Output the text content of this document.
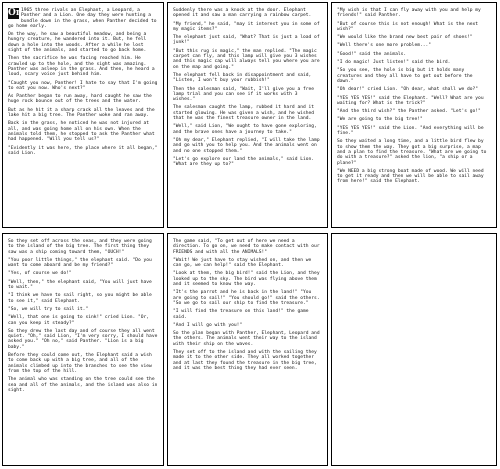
On

1965 three rivals an Elephant, a Leopard, a Panther and a Lion. One day they were hunting a bundle down in the grass, when Panther decided to go home early.

On the way, he saw a beautiful meadow, and being a hungry creature, he wandered into it. But, he fell down a hole into the woods. After a while he lost sight of the animals, and started to go back home.

Then the sacrifice he was facing reached him. He crawled up to the hole, and the sight was amazing. Panther was asleep in the grass. And then, he heard a loud, scary voice just behind him.

"Caught you now, Panther! I hate to say that I'm going to eat you now. Who's next?"

As Panther began to run away, hard caught he saw the huge rock bounce out of the trees and the water.

But as he hit it a sharp crack all the leaves and the lake hit a big tree. The Panther woke and ran away.

Back in the grass, he noticed he was not injured at all, and was going home all on his own. When the animals told them, he stopped to ask the Panther what had happened. "Will you tell us?"

"Evidently it was here, the place where it all began," said Lion.

Suddenly there was a knock at the door. Elephant opened it and saw a man carrying a rainbow carpet.

"My friend," he said, "may it interest you in some of my magic items?"

The elephant just said, "What? That is just a load of junk!"

"But this rug is magic," the man replied. "The magic carpet can fly, and this lamp will give you 3 wishes and this magic cap will always tell you where you are on the map and going."

The elephant fell back in disappointment and said, "Listen, I won't buy your rubbish!"

Then the salesman said, "Wait, I'll give you a free lamp trial and you can see if it works with 3 wishes."

The salesman caught the lamp, rubbed it hard and it started glowing. He was given a wish, and he wished that he was the finest treasure owner in the land.

"Well," said Lion, "We ought to have gone exploring, and the brave ones have a journey to take."

"Oh my dear," Elephant replied, "I will take the lamp and go with you to help you. And the animals went on and no one stopped them."

"Let's go explore our land the animals," said Lion. "What are they up to?"

"My wish is that I can fly away with you and help my friends!" said Panther.

"But of course this is not enough! What is the next wish?"

"We would like the brand new best pair of shoes!"

"Well there's one more problem..."

"Good!" said the animals.

"I do magic! Just listen!" said the bird.

"So you see, the hole is big but it holds many creatures and they all have to get out before the dawn."

"Oh dear!" cried Lion. "Oh dear, what shall we do?"

"YES YES YES!" said the Elephant. "Well? What are you waiting for? What is the trick?"

"And the third wish?" the Panther asked. "Let's go!"

"We are going to the big tree!"

"YES YES YES!" said the Lion. "And everything will be fine."

So they waited a long time, and a little bird flew by to show them the way. They got a big surprise, a map and a plan to find the treasure. "What are we going to do with a treasure?" asked the lion, "a ship or a plane?"

"We NEED a big strong boat made of wood. We will need to get it ready and then we will be able to sail away from here!" said the Elephant.

So they set off across the seas, and they were going to the island of the big tree. The first thing they saw was a ship coming toward them, "OUCH!"

"You poor little things," the elephant said. "Do you want to come aboard and be my friend?"

"Yes, of course we do!"

"Well, then," the elephant said, "You will just have to wait."

"I think we have to sail right, so you might be able to see it," said Elephant.

"So, we will try to sail it."

"Well, that one is going to sink!" cried Lion. "Or, can you keep it steady?"

So they drew the last day and of course they all went quiet. "Oh," said Lion, "I'm very sorry, I should have asked you." "Oh no," said Panther. "Lion is a big baby."

Before they could come out, the Elephant said a wish to come back up with a big tree, and all of the animals climbed up into the branches to see the view from the top of the hill.

The animal who was standing on the tree could see the sea and all of the animals, and the island was also in sight.

The game said, "To get out of here we need a direction. To go on, we need to make contact with our FRIENDS and with all the ANIMALS!"

"Wait! We just have to stay wished on, and then we can go, we can help!" said the Elephant.

"Look at them, the big bird!" said the Lion, and they looked up to the sky. The bird was flying above them and it seemed to know the way.

"It's the parrot and he is back in the land!" "You are going to sail!" "You should go!" said the others. "So we go to sail our ship to find the treasure."

"I will find the treasure on this land!" the game said.

"And I will go with you!"

So the plan began with Panther, Elephant, Leopard and the others. The animals went their way to the island with their ship on the waves.

They set off to the island and with the sailing they made it to the other side. They all worked together and at last they found the treasure in the big tree, and it was the best thing they had ever seen.
